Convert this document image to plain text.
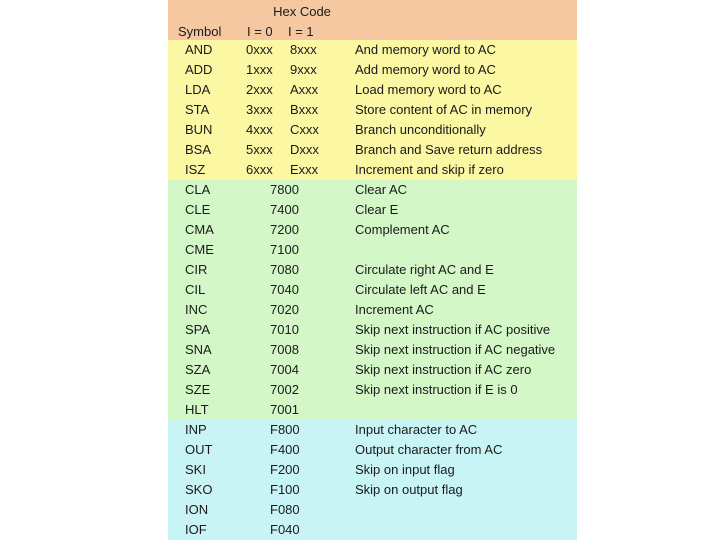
Hex Code
Symbol I = 0 I = 1
AND	0xxx 8xxx	And memory word to AC
ADD	1xxx 9xxx	Add memory word to AC
LDA	2xxx Axxx	Load memory word to AC
STA	3xxx Bxxx	Store content of AC in memory
BUN	4xxx Cxxx	Branch unconditionally
BSA	5xxx Dxxx	Branch and Save return address
ISZ	6xxx Exxx	Increment and skip if zero
CLA	7800	Clear AC
CLE	7400	Clear E
CMA	7200	Complement AC
CME	7100
CIR	7080	Circulate right AC and E
CIL	7040	Circulate left AC and E
INC	7020	Increment AC
SPA	7010	Skip next instruction if AC positive
SNA	7008	Skip next instruction if AC negative
SZA	7004	Skip next instruction if AC zero
SZE	7002	Skip next instruction if E is 0
HLT	7001
INP	F800	Input character to AC
OUT	F400	Output character from AC
SKI	F200	Skip on input flag
SKO	F100	Skip on output flag
ION	F080
IOF	F040
